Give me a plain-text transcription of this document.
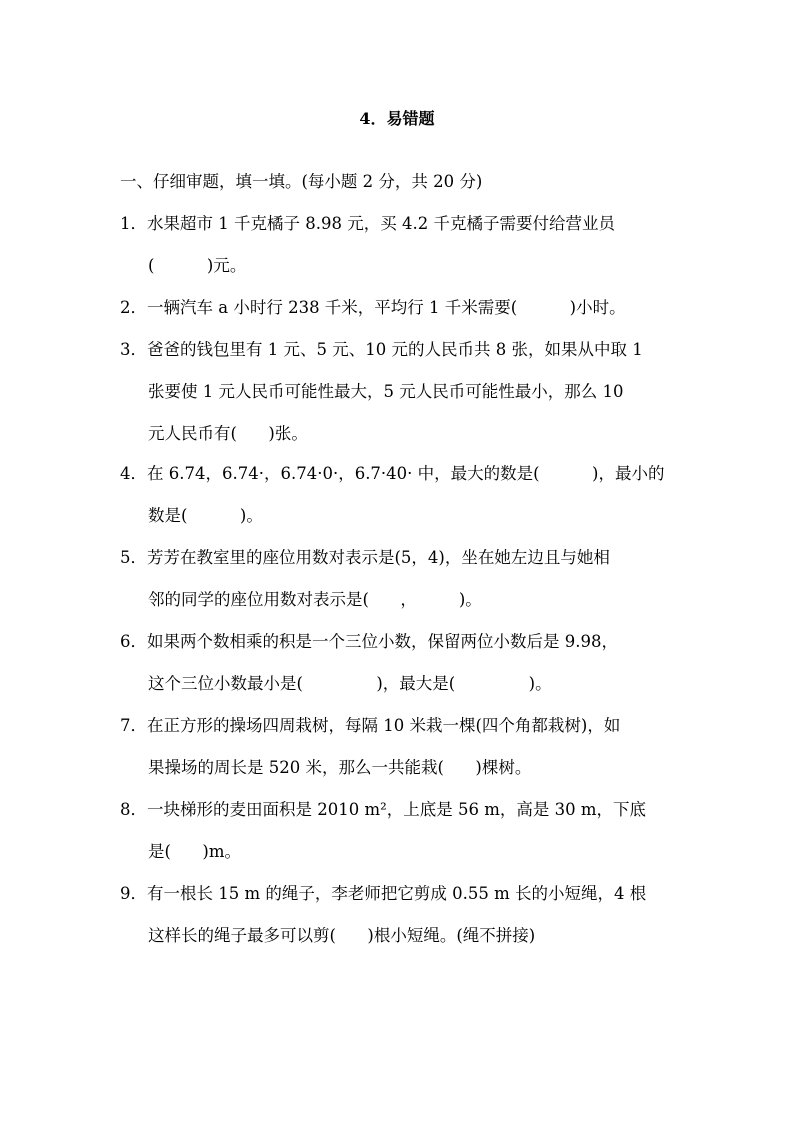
4．易错题
一、仔细审题，填一填。(每小题 2 分，共 20 分)
1．水果超市 1 千克橘子 8.98 元，买 4.2 千克橘子需要付给营业员
(          )元。
2．一辆汽车 a 小时行 238 千米，平均行 1 千米需要(          )小时。
3．爸爸的钱包里有 1 元、5 元、10 元的人民币共 8 张，如果从中取 1
张要使 1 元人民币可能性最大，5 元人民币可能性最小，那么 10
元人民币有(      )张。
4．在 6.74，6.74·，6.74·0·，6.7·40· 中，最大的数是(          )，最小的
数是(          )。
5．芳芳在教室里的座位用数对表示是(5，4)，坐在她左边且与她相
邻的同学的座位用数对表示是(      ，        )。
6．如果两个数相乘的积是一个三位小数，保留两位小数后是 9.98，
这个三位小数最小是(              )，最大是(              )。
7．在正方形的操场四周栽树，每隔 10 米栽一棵(四个角都栽树)，如
果操场的周长是 520 米，那么一共能栽(      )棵树。
8．一块梯形的麦田面积是 2010 m²，上底是 56 m，高是 30 m，下底
是(      )m。
9．有一根长 15 m 的绳子，李老师把它剪成 0.55 m 长的小短绳，4 根
这样长的绳子最多可以剪(      )根小短绳。(绳不拼接)
